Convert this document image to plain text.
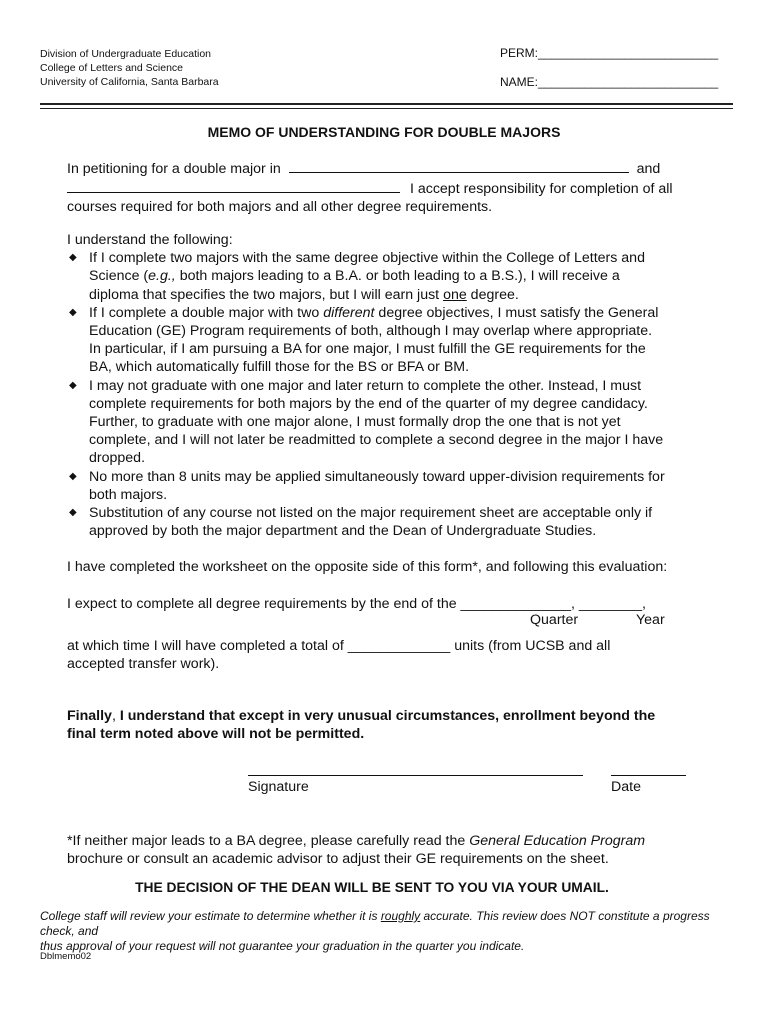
Division of Undergraduate Education
College of Letters and Science
University of California, Santa Barbara
PERM:___________________________
NAME:___________________________
MEMO OF UNDERSTANDING FOR DOUBLE MAJORS
In petitioning for a double major in	and
I accept responsibility for completion of all
courses required for both majors and all other degree requirements.
I understand the following:
◆ If I complete two majors with the same degree objective within the College of Letters and
Science (e.g., both majors leading to a B.A. or both leading to a B.S.), I will receive a
diploma that specifies the two majors, but I will earn just one degree.
◆ If I complete a double major with two different degree objectives, I must satisfy the General
Education (GE) Program requirements of both, although I may overlap where appropriate.
In particular, if I am pursuing a BA for one major, I must fulfill the GE requirements for the
BA, which automatically fulfill those for the BS or BFA or BM.
◆ I may not graduate with one major and later return to complete the other. Instead, I must
complete requirements for both majors by the end of the quarter of my degree candidacy.
Further, to graduate with one major alone, I must formally drop the one that is not yet
complete, and I will not later be readmitted to complete a second degree in the major I have
dropped.
◆ No more than 8 units may be applied simultaneously toward upper-division requirements for
both majors.
◆ Substitution of any course not listed on the major requirement sheet are acceptable only if
approved by both the major department and the Dean of Undergraduate Studies.
I have completed the worksheet on the opposite side of this form*, and following this evaluation:
I expect to complete all degree requirements by the end of the ______________, ________,
Quarter	Year
at which time I will have completed a total of _____________ units (from UCSB and all
accepted transfer work).
Finally, I understand that except in very unusual circumstances, enrollment beyond the
final term noted above will not be permitted.
Signature	Date
*If neither major leads to a BA degree, please carefully read the General Education Program
brochure or consult an academic advisor to adjust their GE requirements on the sheet.
THE DECISION OF THE DEAN WILL BE SENT TO YOU VIA YOUR UMAIL.
College staff will review your estimate to determine whether it is roughly accurate. This review does NOT constitute a progress check, and
thus approval of your request will not guarantee your graduation in the quarter you indicate.
Dblmemo02
